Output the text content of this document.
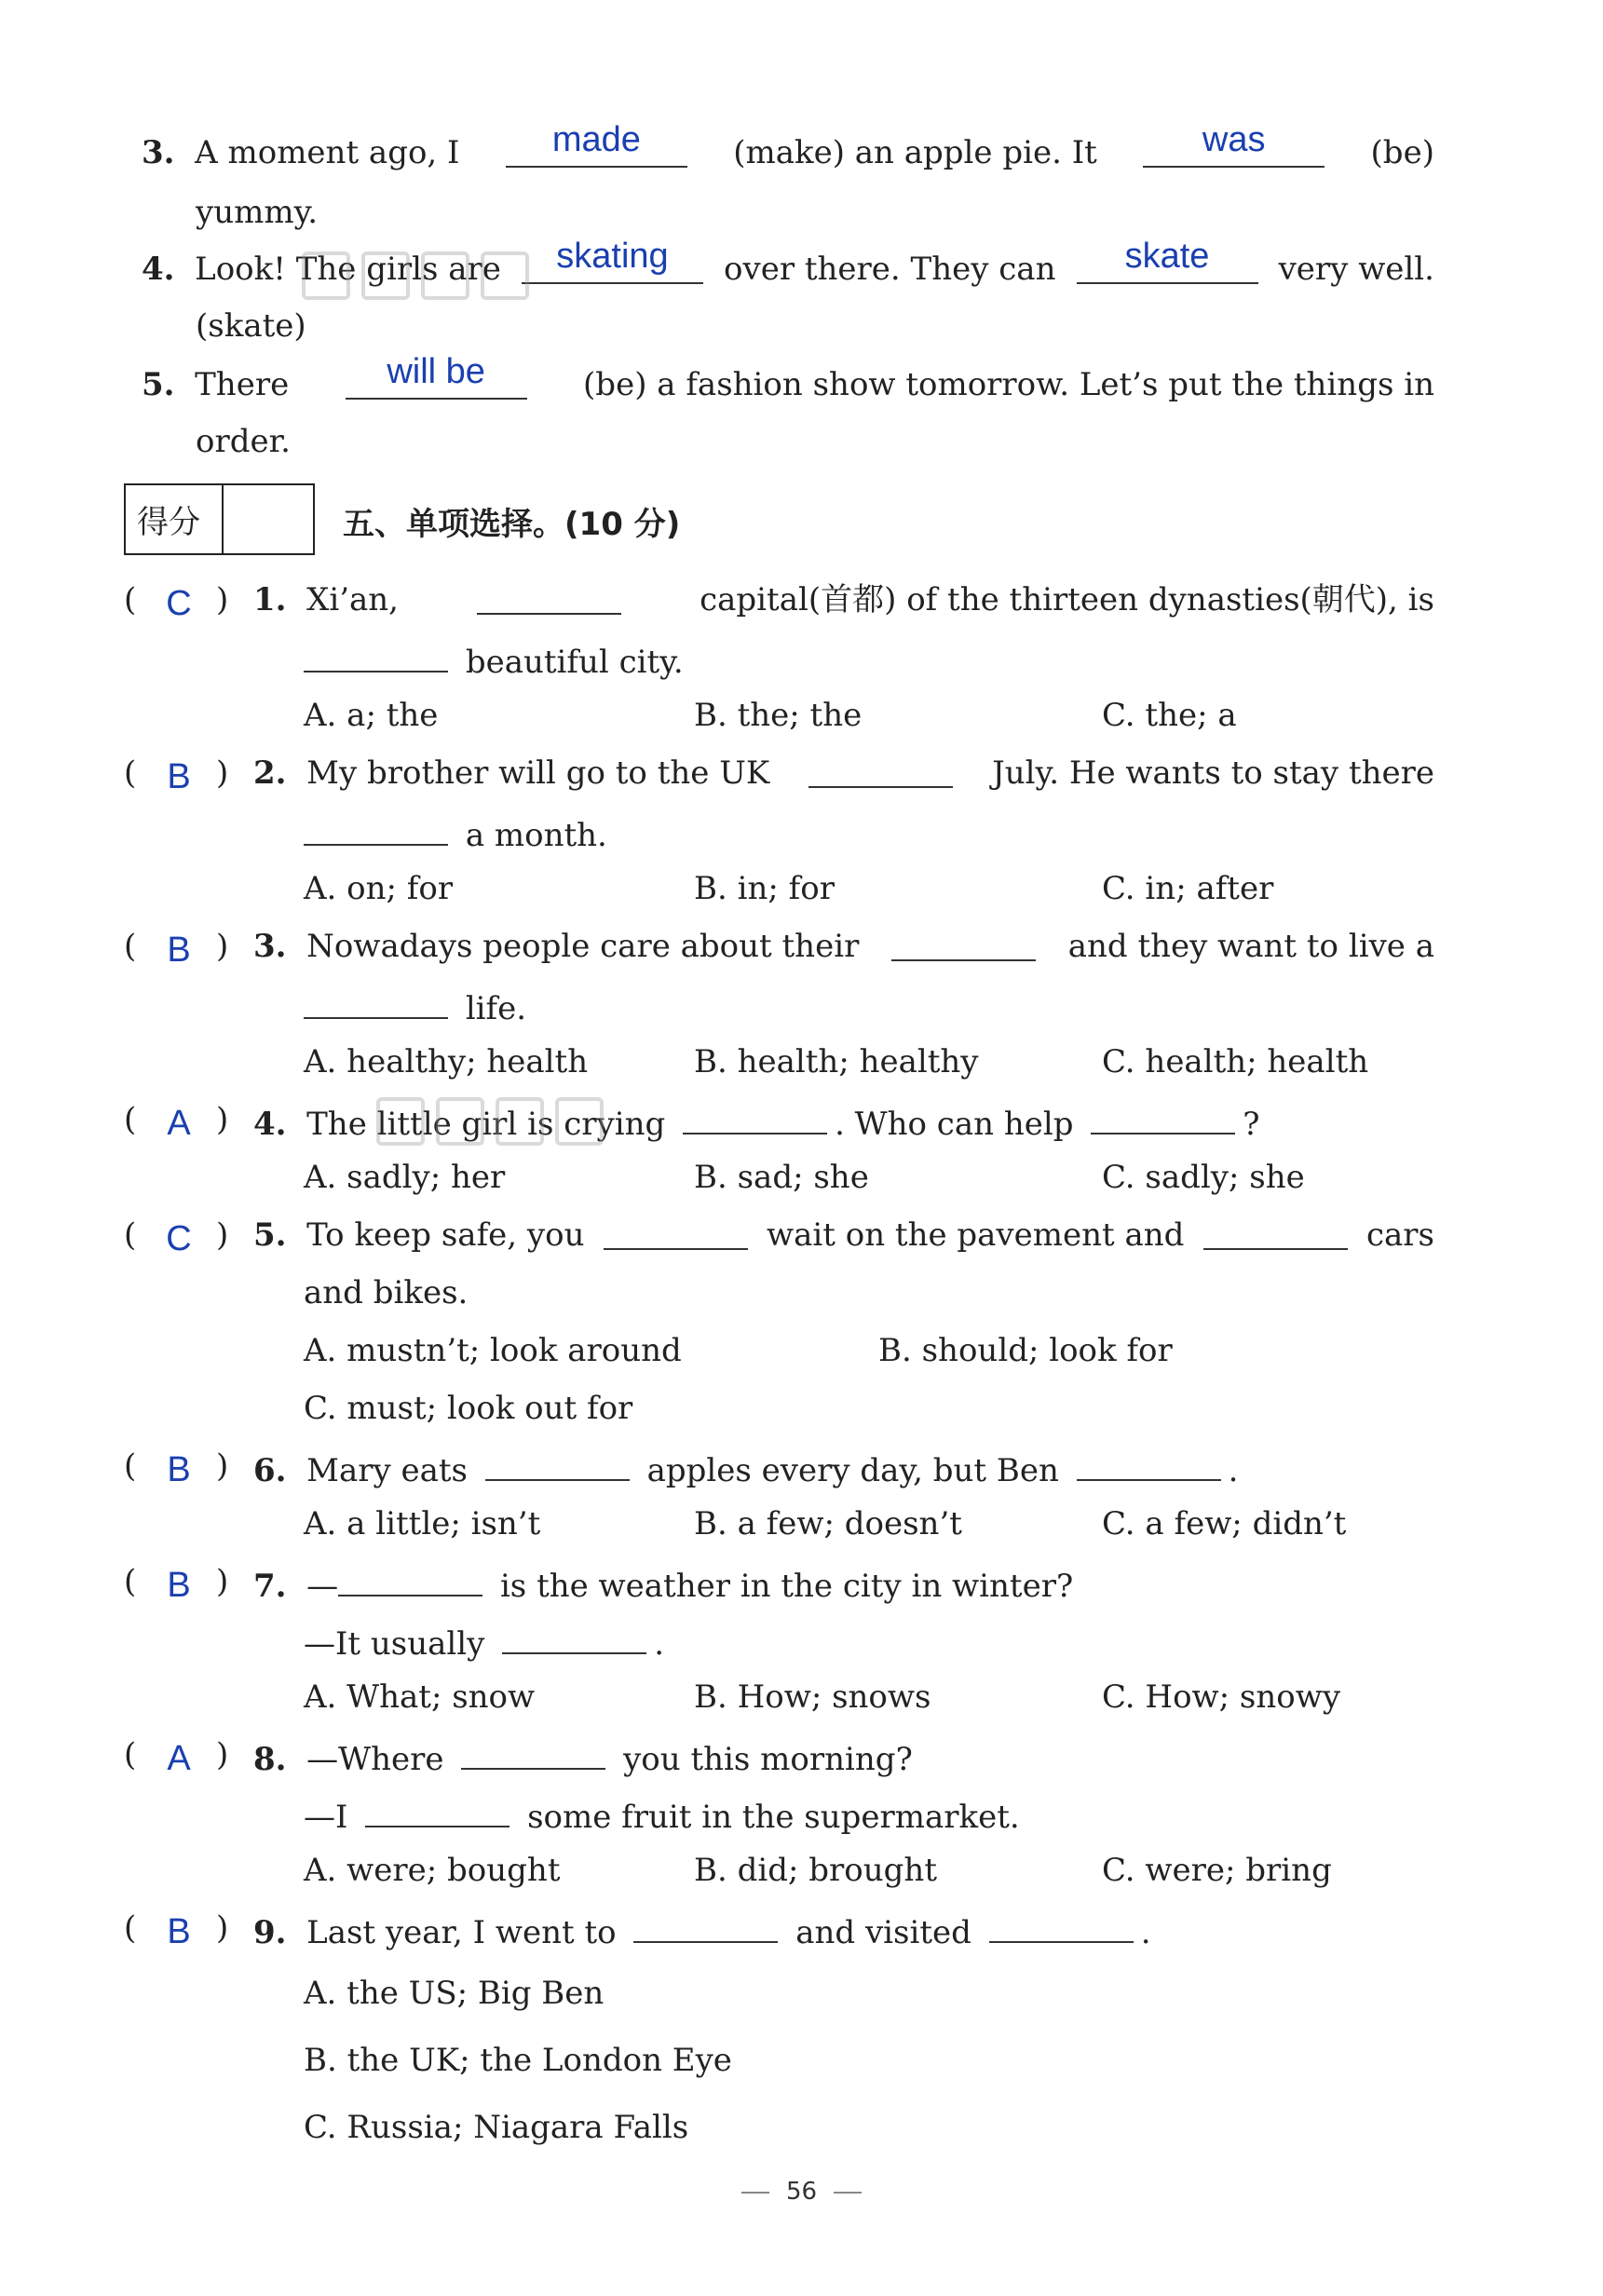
3. A moment ago, I	made	(make) an apple pie. It	was	(be)
yummy.
4. Look! The girls are	skating	over there. They can	skate	very well.
(skate)
5. There	will be	(be) a fashion show tomorrow. Let’s put the things in
order.
得分	五、单项选择。(10 分)
( C ) 1. Xi’an,	capital(首都) of the thirteen dynasties(朝代), is
beautiful city.
A. a; the	B. the; the	C. the; a
( B ) 2. My brother will go to the UK	July. He wants to stay there
a month.
A. on; for	B. in; for	C. in; after
( B ) 3. Nowadays people care about their	and they want to live a
life.
A. healthy; health	B. health; healthy	C. health; health
( A ) 4. The little girl is crying	. Who can help	?
A. sadly; her	B. sad; she	C. sadly; she
( C ) 5. To keep safe, you	wait on the pavement and	cars
and bikes.
A. mustn’t; look around	B. should; look for
C. must; look out for
( B ) 6. Mary eats	apples every day, but Ben	.
A. a little; isn’t	B. a few; doesn’t	C. a few; didn’t
( B ) 7. —	is the weather in the city in winter?
—It usually	.
A. What; snow	B. How; snows	C. How; snowy
( A ) 8. —Where	you this morning?
—I	some fruit in the supermarket.
A. were; bought	B. did; brought	C. were; bring
( B ) 9. Last year, I went to	and visited	.
A. the US; Big Ben
B. the UK; the London Eye
C. Russia; Niagara Falls
56
